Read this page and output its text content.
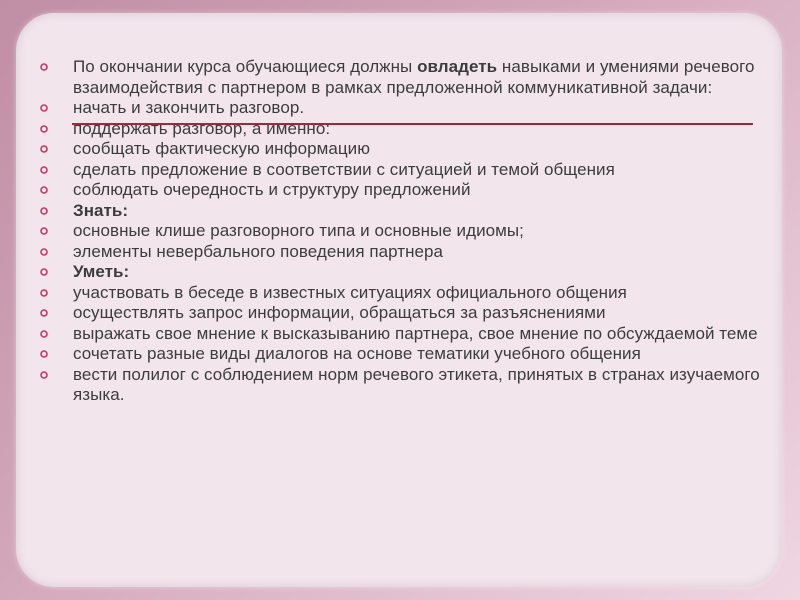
По окончании курса обучающиеся должны овладеть навыками и умениями речевого взаимодействия с партнером в рамках предложенной коммуникативной задачи:
начать и закончить разговор.
поддержать разговор, а именно:
сообщать фактическую информацию
сделать предложение в соответствии с ситуацией и темой общения
соблюдать очередность и структуру предложений
Знать:
основные клише разговорного типа и основные идиомы;
элементы невербального поведения партнера
Уметь:
участвовать в беседе в известных ситуациях официального общения
осуществлять запрос информации, обращаться за разъяснениями
выражать свое мнение к высказыванию партнера, свое мнение по обсуждаемой теме
сочетать разные виды диалогов на основе тематики учебного общения
вести полилог с соблюдением норм речевого этикета, принятых в странах изучаемого языка.
